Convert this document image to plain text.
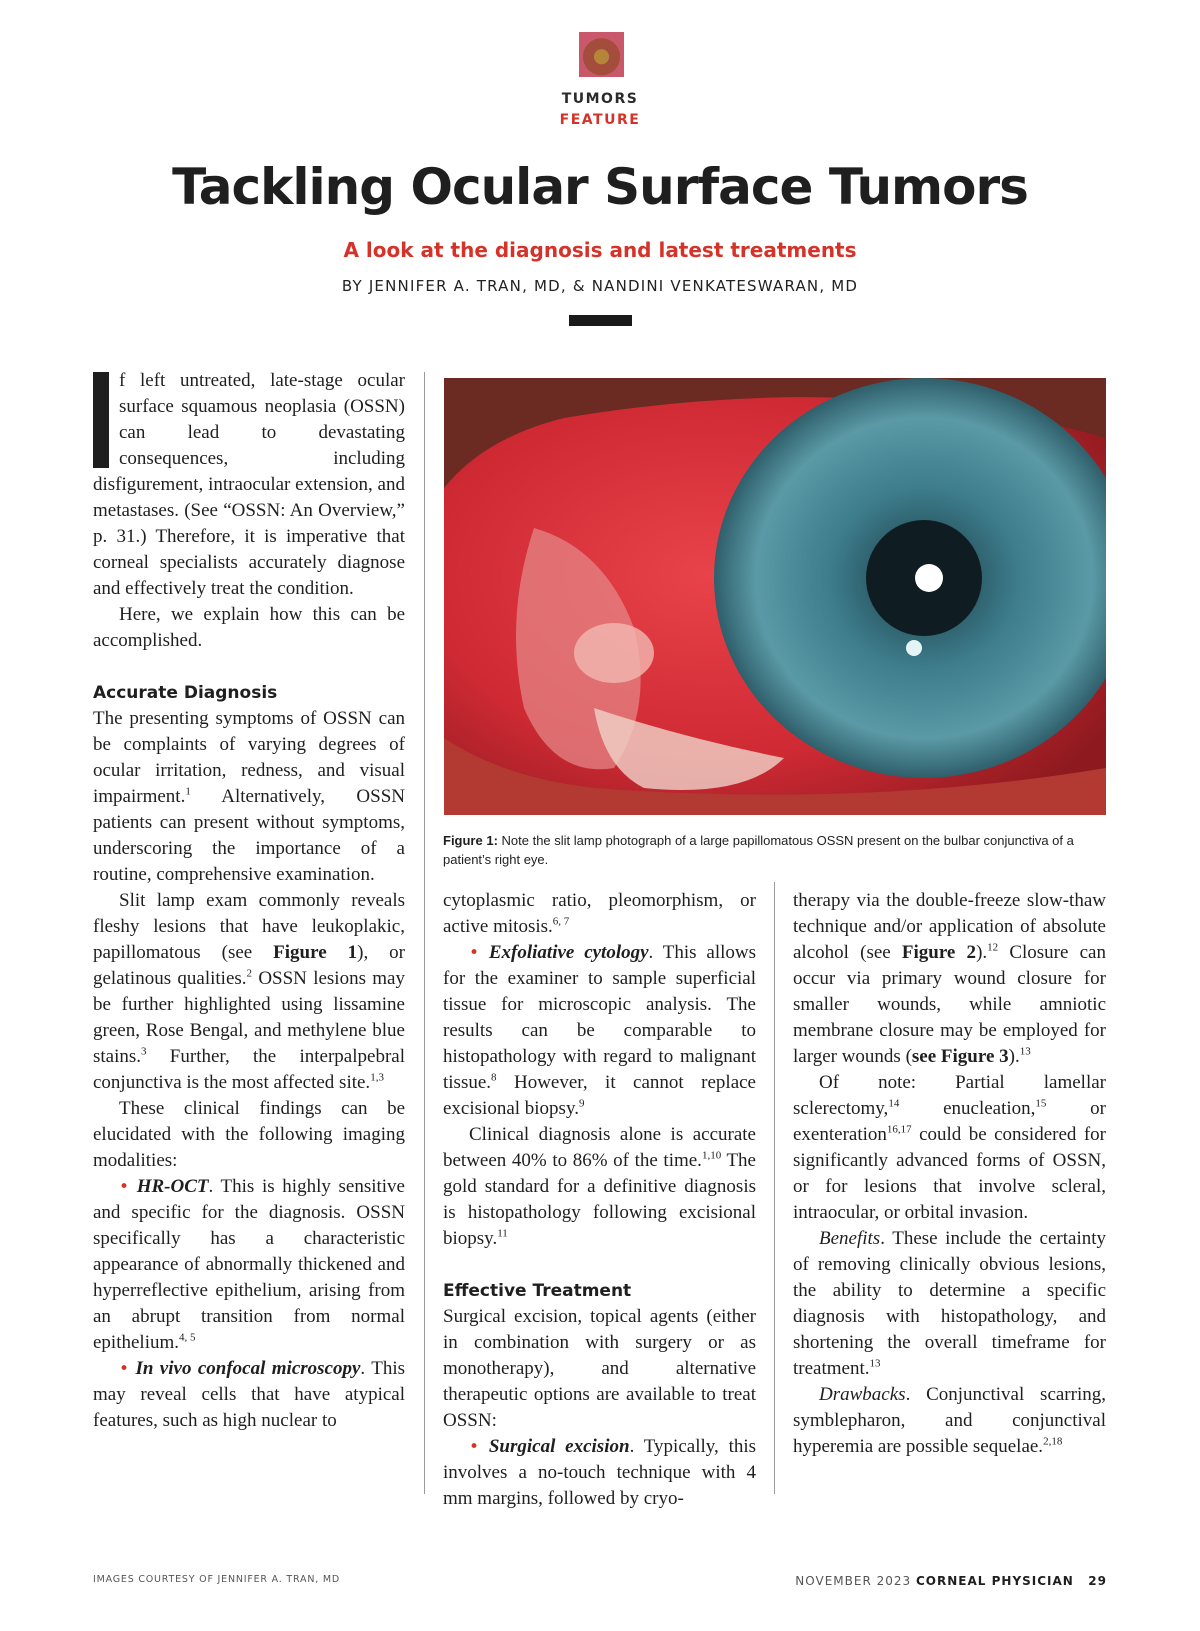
TUMORS
FEATURE
Tackling Ocular Surface Tumors
A look at the diagnosis and latest treatments
BY JENNIFER A. TRAN, MD, & NANDINI VENKATESWARAN, MD

f left untreated, late-stage ocular surface squamous neoplasia (OSSN) can lead to devastating consequences, including disfigurement, intraocular extension, and metastases. (See “OSSN: An Overview,” p. 31.) Therefore, it is imperative that corneal specialists accurately diagnose and effectively treat the condition.

Here, we explain how this can be accomplished.

Accurate Diagnosis

The presenting symptoms of OSSN can be complaints of varying degrees of ocular irritation, redness, and visual impairment.$^1$ Alternatively, OSSN patients can present without symptoms, underscoring the importance of a routine, comprehensive examination.

Slit lamp exam commonly reveals fleshy lesions that have leukoplakic, papillomatous (see Figure 1), or gelatinous qualities.$^2$ OSSN lesions may be further highlighted using lissamine green, Rose Bengal, and methylene blue stains.$^3$ Further, the interpalpebral conjunctiva is the most affected site.$^{1,3}$

These clinical findings can be elucidated with the following imaging modalities:

• HR-OCT. This is highly sensitive and specific for the diagnosis. OSSN specifically has a characteristic appearance of abnormally thickened and hyperreflective epithelium, arising from an abrupt transition from normal epithelium.$^{4, 5}$

• In vivo confocal microscopy. This may reveal cells that have atypical features, such as high nuclear to

Figure 1: Note the slit lamp photograph of a large papillomatous OSSN present on the bulbar conjunctiva of a patient’s right eye.

cytoplasmic ratio, pleomorphism, or active mitosis.$^{6, 7}$

• Exfoliative cytology. This allows for the examiner to sample superficial tissue for microscopic analysis. The results can be comparable to histopathology with regard to malignant tissue.$^8$ However, it cannot replace excisional biopsy.$^9$

Clinical diagnosis alone is accurate between 40% to 86% of the time.$^{1,10}$ The gold standard for a definitive diagnosis is histopathology following excisional biopsy.$^{11}$

Effective Treatment

Surgical excision, topical agents (either in combination with surgery or as monotherapy), and alternative therapeutic options are available to treat OSSN:

• Surgical excision. Typically, this involves a no-touch technique with 4 mm margins, followed by cryo-

therapy via the double-freeze slow-thaw technique and/or application of absolute alcohol (see Figure 2).$^{12}$ Closure can occur via primary wound closure for smaller wounds, while amniotic membrane closure may be employed for larger wounds (see Figure 3).$^{13}$

Of note: Partial lamellar sclerectomy,$^{14}$ enucleation,$^{15}$ or exenteration$^{16,17}$ could be considered for significantly advanced forms of OSSN, or for lesions that involve scleral, intraocular, or orbital invasion.

Benefits. These include the certainty of removing clinically obvious lesions, the ability to determine a specific diagnosis with histopathology, and shortening the overall timeframe for treatment.$^{13}$

Drawbacks. Conjunctival scarring, symblepharon, and conjunctival hyperemia are possible sequelae.$^{2,18}$

IMAGES COURTESY OF JENNIFER A. TRAN, MD	NOVEMBER 2023 CORNEAL PHYSICIAN 29
